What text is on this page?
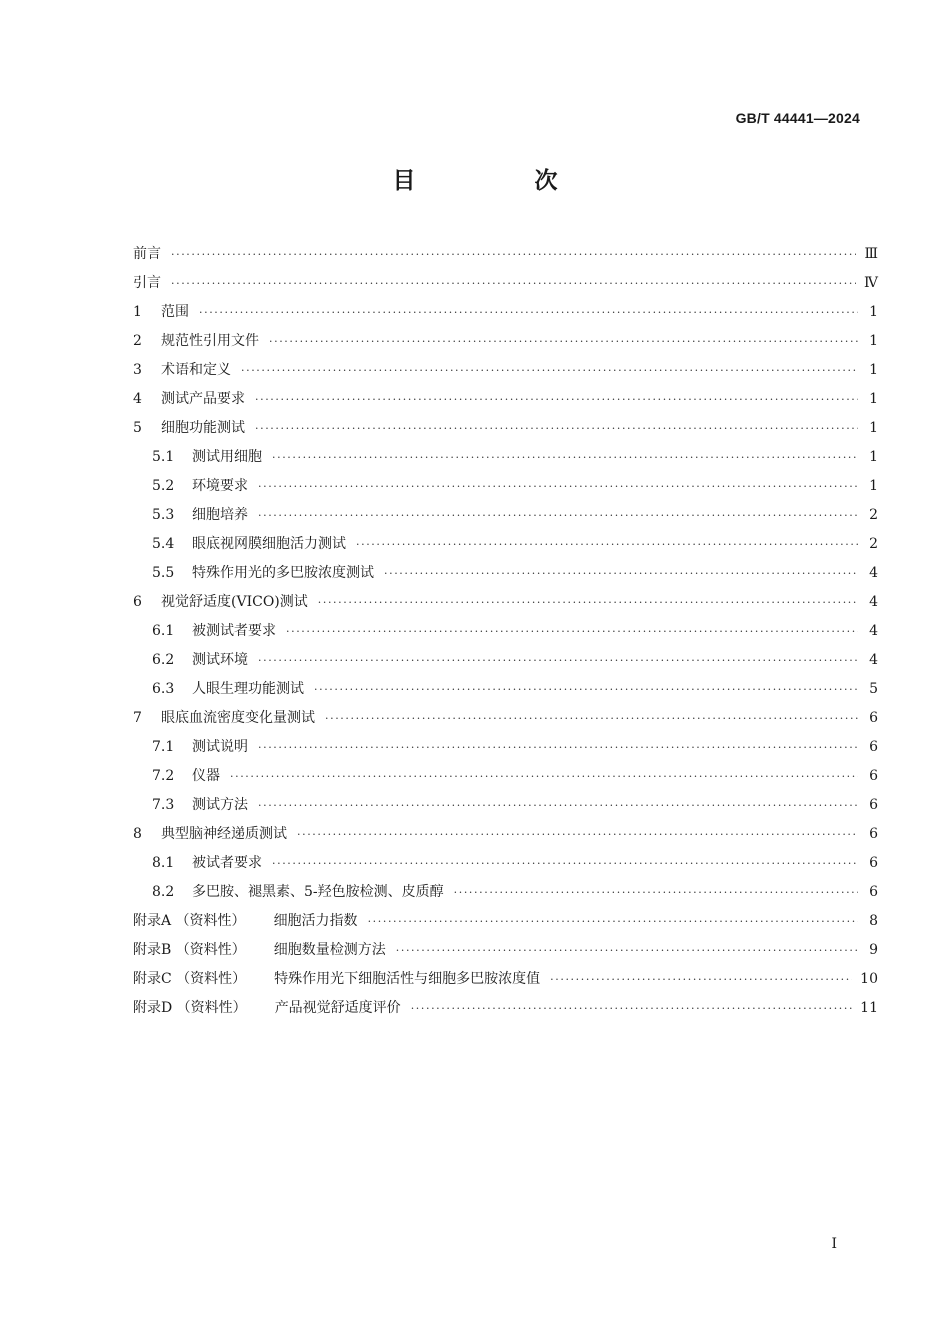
GB/T 44441—2024
目　次
前言 ·····	Ⅲ
引言 ·····	Ⅳ
1	范围 ·····	1
2	规范性引用文件 ·····	1
3	术语和定义 ·····	1
4	测试产品要求 ·····	1
5	细胞功能测试 ·····	1
5.1	测试用细胞 ·····	1
5.2	环境要求 ·····	1
5.3	细胞培养 ·····	2
5.4	眼底视网膜细胞活力测试 ·····	2
5.5	特殊作用光的多巴胺浓度测试 ·····	4
6	视觉舒适度(VICO)测试 ·····	4
6.1	被测试者要求 ·····	4
6.2	测试环境 ·····	4
6.3	人眼生理功能测试 ·····	5
7	眼底血流密度变化量测试 ·····	6
7.1	测试说明 ·····	6
7.2	仪器 ·····	6
7.3	测试方法 ·····	6
8	典型脑神经递质测试 ·····	6
8.1	被试者要求 ·····	6
8.2	多巴胺、褪黑素、5-羟色胺检测、皮质醇 ·····	6
附录A （资料性） 细胞活力指数 ·····	8
附录B （资料性） 细胞数量检测方法 ·····	9
附录C （资料性） 特殊作用光下细胞活性与细胞多巴胺浓度值 ·····	10
附录D （资料性） 产品视觉舒适度评价 ·····	11
Ⅰ
